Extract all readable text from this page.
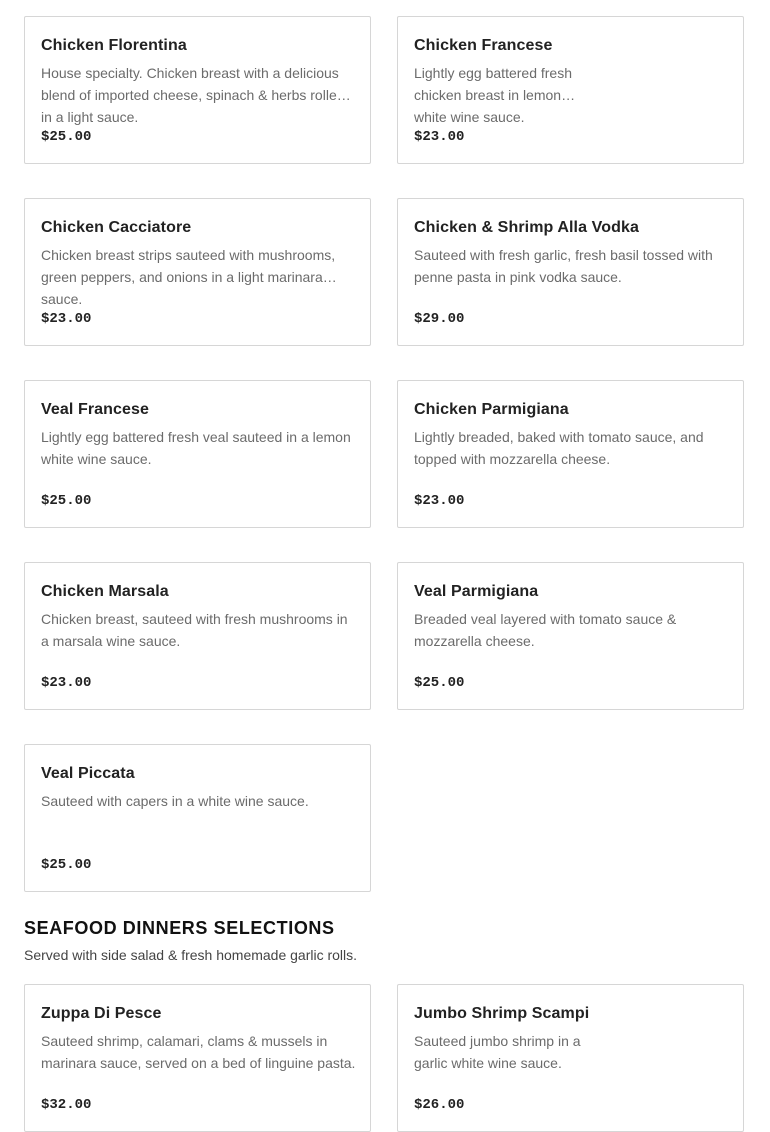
Chicken Florentina
House specialty. Chicken breast with a delicious blend of imported cheese, spinach & herbs rolled in a light sauce.
$25.00
Chicken Francese
Lightly egg battered fresh chicken breast in lemon white wine sauce.
$23.00
Chicken Cacciatore
Chicken breast strips sauteed with mushrooms, green peppers, and onions in a light marinara sauce.
$23.00
Chicken & Shrimp Alla Vodka
Sauteed with fresh garlic, fresh basil tossed with penne pasta in pink vodka sauce.
$29.00
Veal Francese
Lightly egg battered fresh veal sauteed in a lemon white wine sauce.
$25.00
Chicken Parmigiana
Lightly breaded, baked with tomato sauce, and topped with mozzarella cheese.
$23.00
Chicken Marsala
Chicken breast, sauteed with fresh mushrooms in a marsala wine sauce.
$23.00
Veal Parmigiana
Breaded veal layered with tomato sauce & mozzarella cheese.
$25.00
Veal Piccata
Sauteed with capers in a white wine sauce.
$25.00
SEAFOOD DINNERS SELECTIONS
Served with side salad & fresh homemade garlic rolls.
Zuppa Di Pesce
Sauteed shrimp, calamari, clams & mussels in marinara sauce, served on a bed of linguine pasta.
$32.00
Jumbo Shrimp Scampi
Sauteed jumbo shrimp in a garlic white wine sauce.
$26.00
